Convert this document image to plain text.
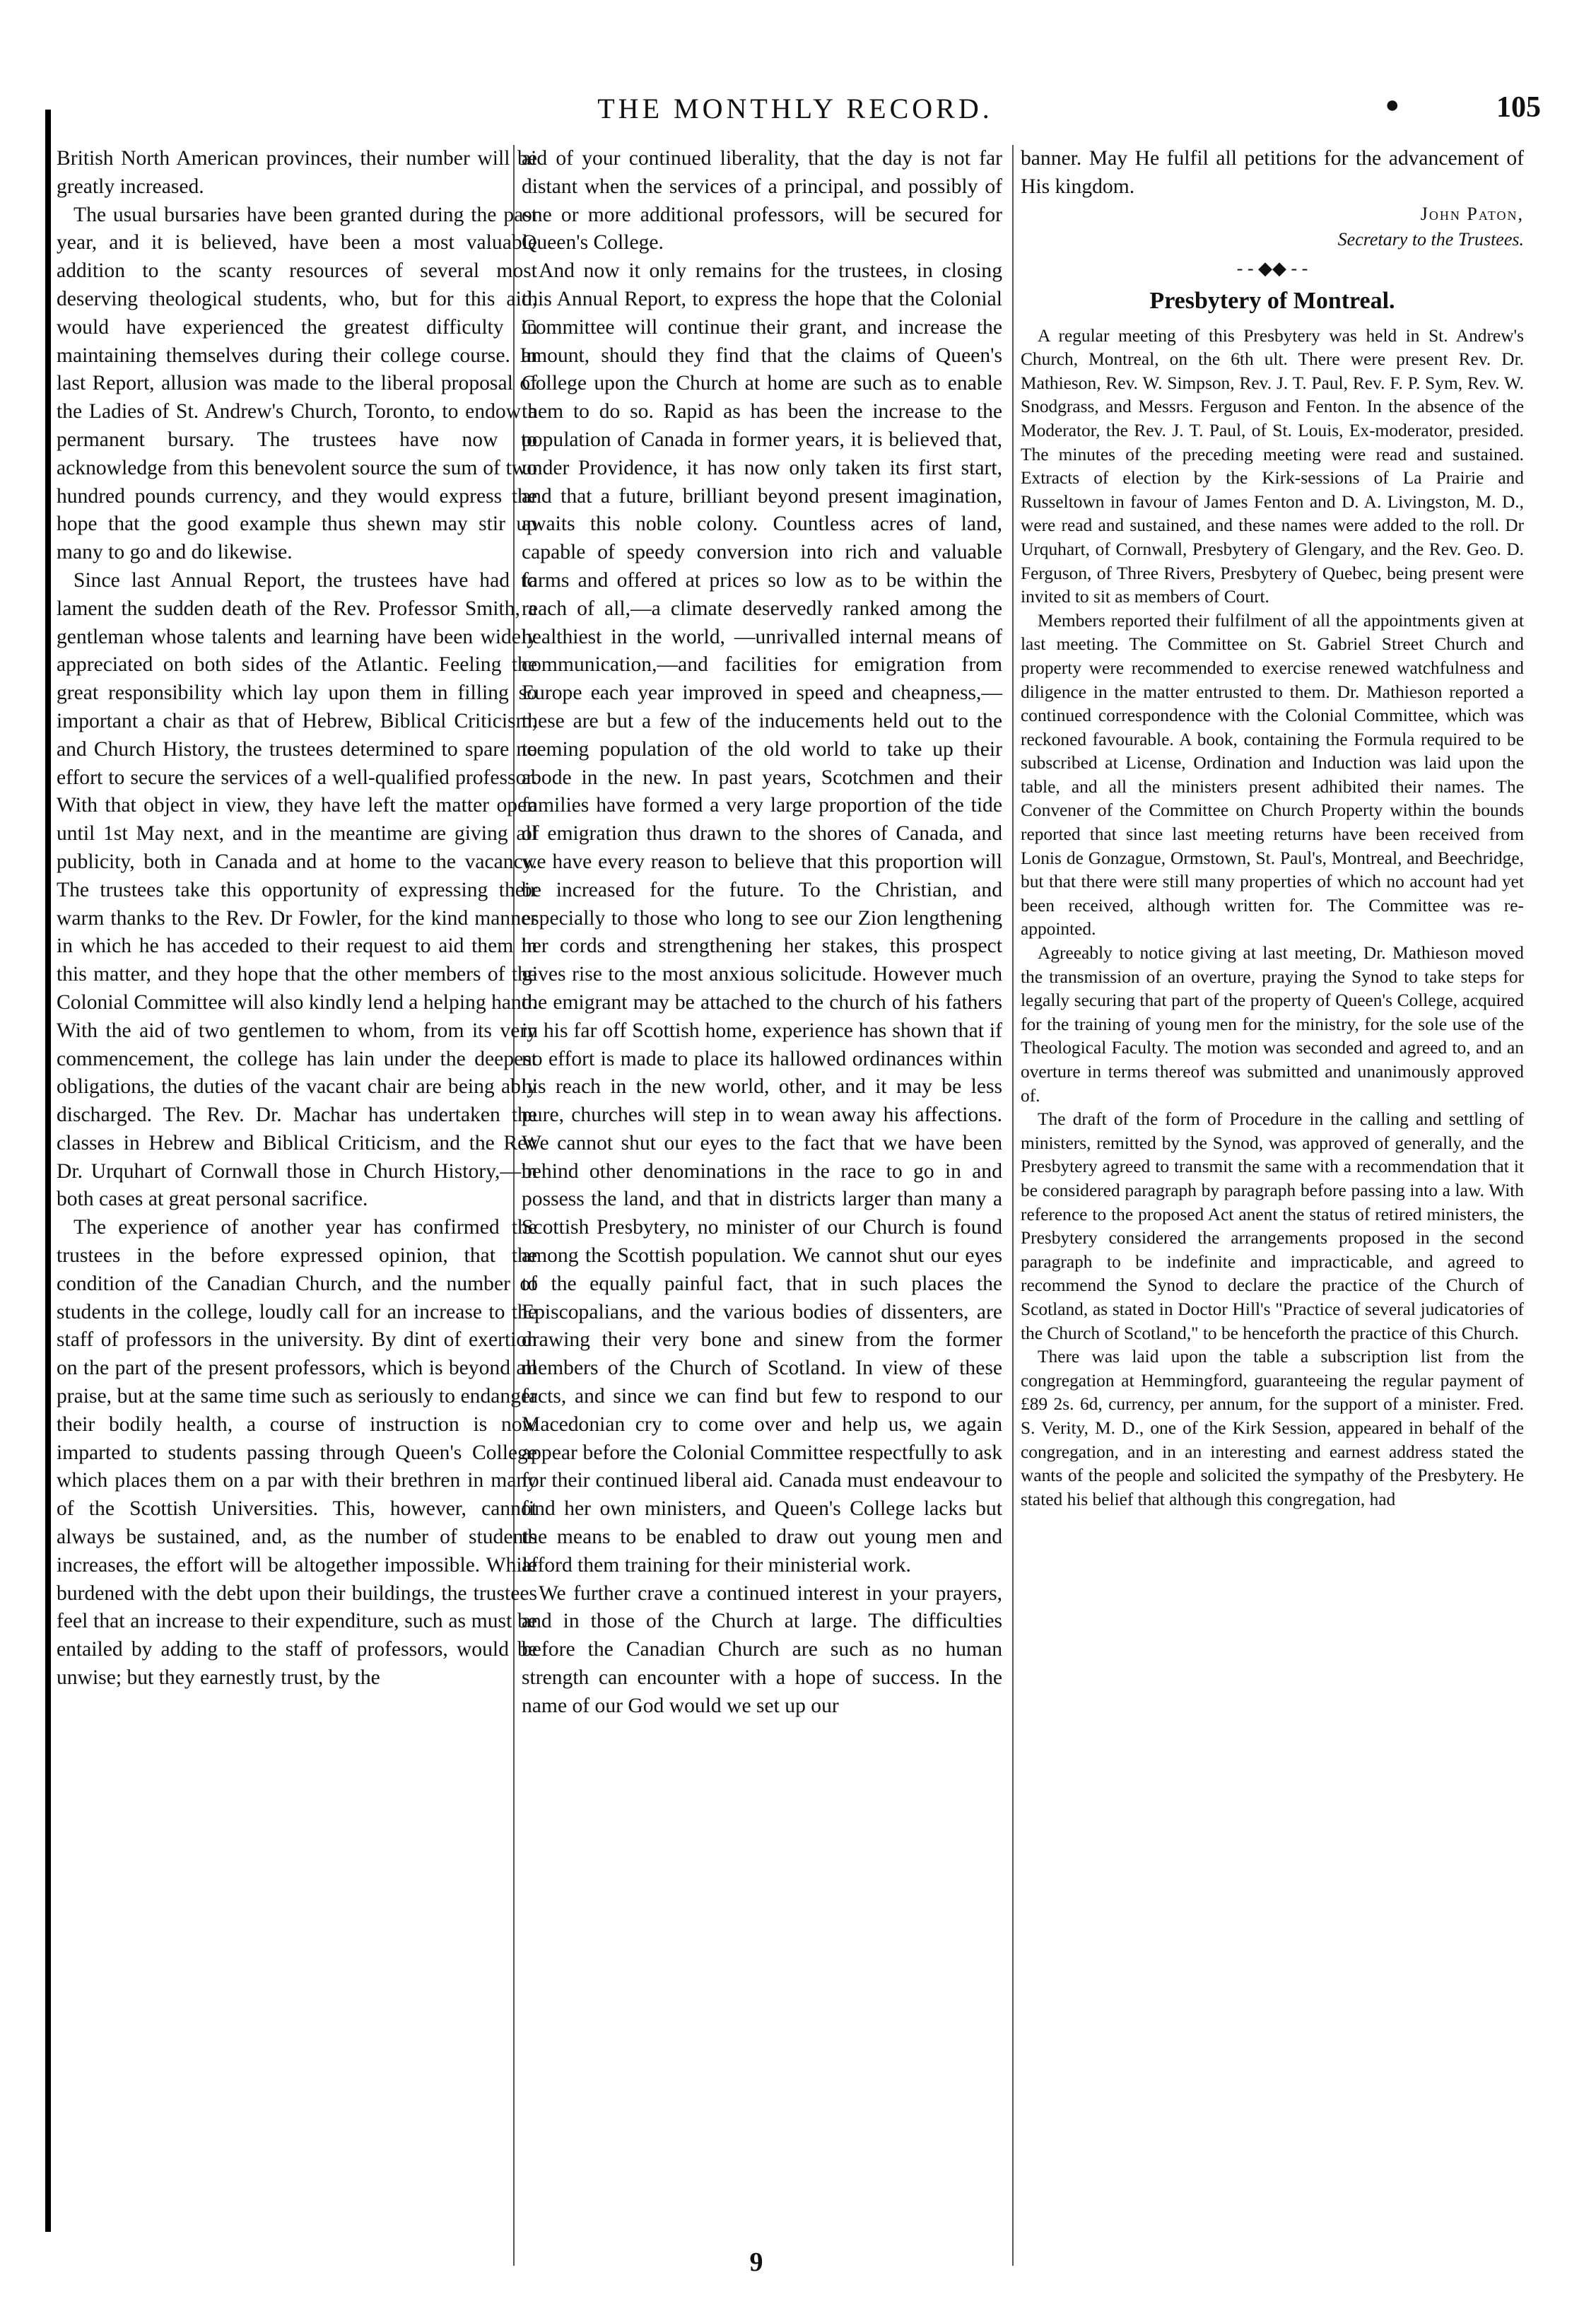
THE MONTHLY RECORD.	●	105

British North American provinces, their number will be greatly increased.

The usual bursaries have been granted during the past year, and it is believed, have been a most valuable addition to the scanty resources of several most deserving theological students, who, but for this aid, would have experienced the greatest difficulty in maintaining themselves during their college course. In last Report, allusion was made to the liberal proposal of the Ladies of St. Andrew's Church, Toronto, to endow a permanent bursary. The trustees have now to acknowledge from this benevolent source the sum of two hundred pounds currency, and they would express the hope that the good example thus shewn may stir up many to go and do likewise.

Since last Annual Report, the trustees have had to lament the sudden death of the Rev. Professor Smith, a gentleman whose talents and learning have been widely appreciated on both sides of the Atlantic. Feeling the great responsibility which lay upon them in filling so important a chair as that of Hebrew, Biblical Criticism, and Church History, the trustees determined to spare no effort to secure the services of a well-qualified professor. With that object in view, they have left the matter open until 1st May next, and in the meantime are giving all publicity, both in Canada and at home to the vacancy. The trustees take this opportunity of expressing their warm thanks to the Rev. Dr Fowler, for the kind manner in which he has acceded to their request to aid them in this matter, and they hope that the other members of the Colonial Committee will also kindly lend a helping hand. With the aid of two gentlemen to whom, from its very commencement, the college has lain under the deepest obligations, the duties of the vacant chair are being ably discharged. The Rev. Dr. Machar has undertaken the classes in Hebrew and Biblical Criticism, and the Rev Dr. Urquhart of Cornwall those in Church History,—in both cases at great personal sacrifice.

The experience of another year has confirmed the trustees in the before expressed opinion, that the condition of the Canadian Church, and the number of students in the college, loudly call for an increase to the staff of professors in the university. By dint of exertion on the part of the present professors, which is beyond all praise, but at the same time such as seriously to endanger their bodily health, a course of instruction is now imparted to students passing through Queen's College which places them on a par with their brethren in many of the Scottish Universities. This, however, cannot always be sustained, and, as the number of students increases, the effort will be altogether impossible. While burdened with the debt upon their buildings, the trustees feel that an increase to their expenditure, such as must be entailed by adding to the staff of professors, would be unwise; but they earnestly trust, by the

aid of your continued liberality, that the day is not far distant when the services of a principal, and possibly of one or more additional professors, will be secured for Queen's College.

And now it only remains for the trustees, in closing this Annual Report, to express the hope that the Colonial Committee will continue their grant, and increase the amount, should they find that the claims of Queen's College upon the Church at home are such as to enable them to do so. Rapid as has been the increase to the population of Canada in former years, it is believed that, under Providence, it has now only taken its first start, and that a future, brilliant beyond present imagination, awaits this noble colony. Countless acres of land, capable of speedy conversion into rich and valuable farms and offered at prices so low as to be within the reach of all,—a climate deservedly ranked among the healthiest in the world, —unrivalled internal means of communication,—and facilities for emigration from Europe each year improved in speed and cheapness,—these are but a few of the inducements held out to the teeming population of the old world to take up their abode in the new. In past years, Scotchmen and their families have formed a very large proportion of the tide of emigration thus drawn to the shores of Canada, and we have every reason to believe that this proportion will be increased for the future. To the Christian, and especially to those who long to see our Zion lengthening her cords and strengthening her stakes, this prospect gives rise to the most anxious solicitude. However much the emigrant may be attached to the church of his fathers in his far off Scottish home, experience has shown that if no effort is made to place its hallowed ordinances within his reach in the new world, other, and it may be less pure, churches will step in to wean away his affections. We cannot shut our eyes to the fact that we have been behind other denominations in the race to go in and possess the land, and that in districts larger than many a Scottish Presbytery, no minister of our Church is found among the Scottish population. We cannot shut our eyes to the equally painful fact, that in such places the Episcopalians, and the various bodies of dissenters, are drawing their very bone and sinew from the former members of the Church of Scotland. In view of these facts, and since we can find but few to respond to our Macedonian cry to come over and help us, we again appear before the Colonial Committee respectfully to ask for their continued liberal aid. Canada must endeavour to find her own ministers, and Queen's College lacks but the means to be enabled to draw out young men and afford them training for their ministerial work.

We further crave a continued interest in your prayers, and in those of the Church at large. The difficulties before the Canadian Church are such as no human strength can encounter with a hope of success. In the name of our God would we set up our

banner. May He fulfil all petitions for the advancement of His kingdom.

John Paton,
Secretary to the Trustees.
- - ◆◆ - -
Presbytery of Montreal.

A regular meeting of this Presbytery was held in St. Andrew's Church, Montreal, on the 6th ult. There were present Rev. Dr. Mathieson, Rev. W. Simpson, Rev. J. T. Paul, Rev. F. P. Sym, Rev. W. Snodgrass, and Messrs. Ferguson and Fenton. In the absence of the Moderator, the Rev. J. T. Paul, of St. Louis, Ex-moderator, presided. The minutes of the preceding meeting were read and sustained. Extracts of election by the Kirk-sessions of La Prairie and Russeltown in favour of James Fenton and D. A. Livingston, M. D., were read and sustained, and these names were added to the roll. Dr Urquhart, of Cornwall, Presbytery of Glengary, and the Rev. Geo. D. Ferguson, of Three Rivers, Presbytery of Quebec, being present were invited to sit as members of Court.

Members reported their fulfilment of all the appointments given at last meeting. The Committee on St. Gabriel Street Church and property were recommended to exercise renewed watchfulness and diligence in the matter entrusted to them. Dr. Mathieson reported a continued correspondence with the Colonial Committee, which was reckoned favourable. A book, containing the Formula required to be subscribed at License, Ordination and Induction was laid upon the table, and all the ministers present adhibited their names. The Convener of the Committee on Church Property within the bounds reported that since last meeting returns have been received from Lonis de Gonzague, Ormstown, St. Paul's, Montreal, and Beechridge, but that there were still many properties of which no account had yet been received, although written for. The Committee was re-appointed.

Agreeably to notice giving at last meeting, Dr. Mathieson moved the transmission of an overture, praying the Synod to take steps for legally securing that part of the property of Queen's College, acquired for the training of young men for the ministry, for the sole use of the Theological Faculty. The motion was seconded and agreed to, and an overture in terms thereof was submitted and unanimously approved of.

The draft of the form of Procedure in the calling and settling of ministers, remitted by the Synod, was approved of generally, and the Presbytery agreed to transmit the same with a recommendation that it be considered paragraph by paragraph before passing into a law. With reference to the proposed Act anent the status of retired ministers, the Presbytery considered the arrangements proposed in the second paragraph to be indefinite and impracticable, and agreed to recommend the Synod to declare the practice of the Church of Scotland, as stated in Doctor Hill's "Practice of several judicatories of the Church of Scotland," to be henceforth the practice of this Church.

There was laid upon the table a subscription list from the congregation at Hemmingford, guaranteeing the regular payment of £89 2s. 6d, currency, per annum, for the support of a minister. Fred. S. Verity, M. D., one of the Kirk Session, appeared in behalf of the congregation, and in an interesting and earnest address stated the wants of the people and solicited the sympathy of the Presbytery. He stated his belief that although this congregation, had

9
